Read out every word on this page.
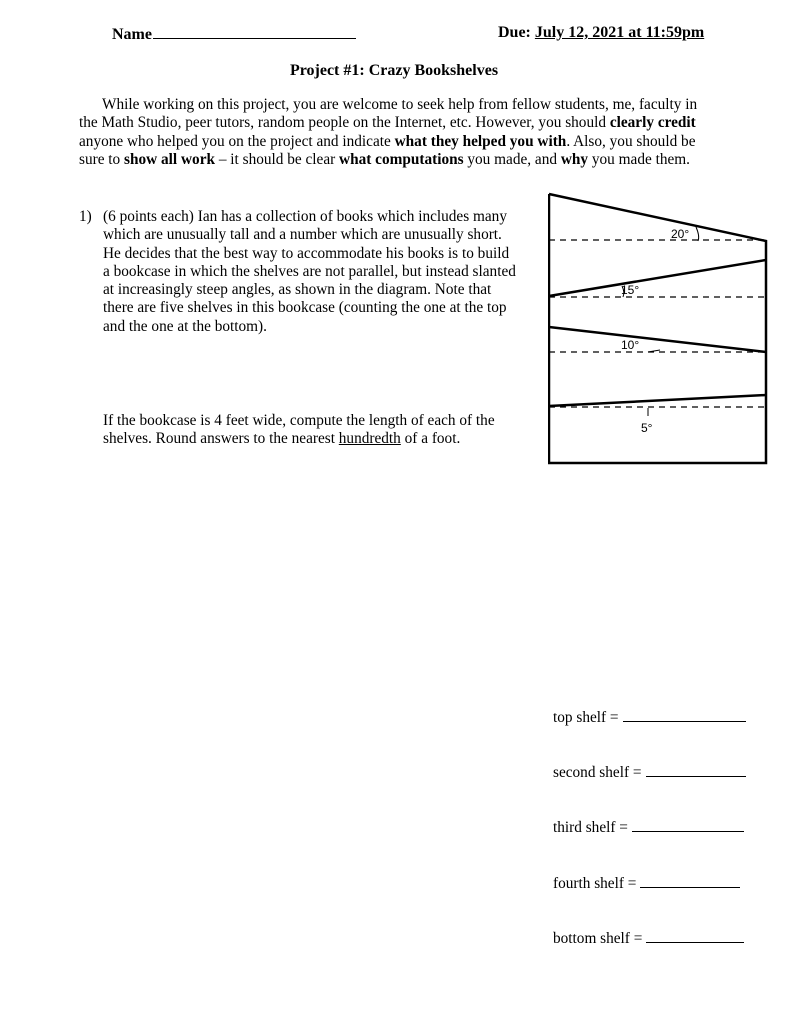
Name	Due: July 12, 2021 at 11:59pm
Project #1: Crazy Bookshelves
While working on this project, you are welcome to seek help from fellow students, me, faculty in the Math Studio, peer tutors, random people on the Internet, etc. However, you should clearly credit anyone who helped you on the project and indicate what they helped you with. Also, you should be sure to show all work – it should be clear what computations you made, and why you made them.
1) (6 points each) Ian has a collection of books which includes many which are unusually tall and a number which are unusually short. He decides that the best way to accommodate his books is to build a bookcase in which the shelves are not parallel, but instead slanted at increasingly steep angles, as shown in the diagram. Note that there are five shelves in this bookcase (counting the one at the top and the one at the bottom).
If the bookcase is 4 feet wide, compute the length of each of the shelves. Round answers to the nearest hundredth of a foot.
20°
15°
10°
5°
top shelf =
second shelf =
third shelf =
fourth shelf =
bottom shelf =
